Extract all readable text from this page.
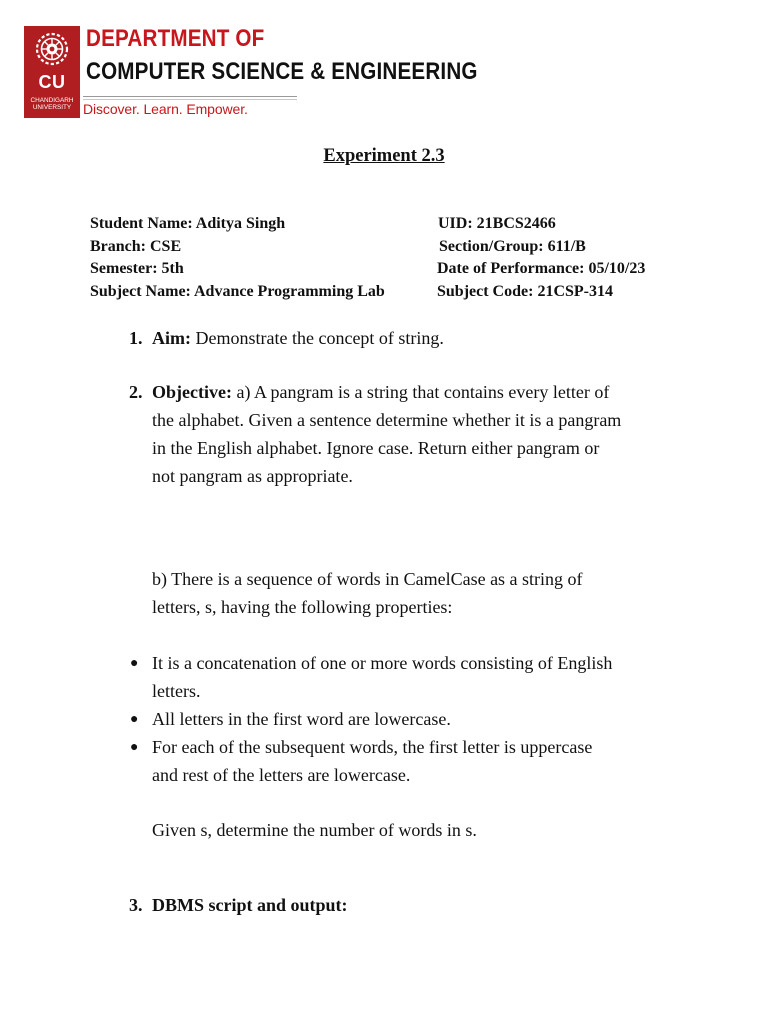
CU
CHANDIGARH
UNIVERSITY
DEPARTMENT OF
COMPUTER SCIENCE & ENGINEERING
Discover. Learn. Empower.
Experiment 2.3
Student Name: Aditya Singh	UID: 21BCS2466
Branch: CSE	Section/Group: 611/B
Semester: 5th	Date of Performance: 05/10/23
Subject Name: Advance Programming Lab	Subject Code: 21CSP-314
1. Aim: Demonstrate the concept of string.
2. Objective: a) A pangram is a string that contains every letter of
the alphabet. Given a sentence determine whether it is a pangram
in the English alphabet. Ignore case. Return either pangram or
not pangram as appropriate.
b) There is a sequence of words in CamelCase as a string of
letters, s, having the following properties:
● It is a concatenation of one or more words consisting of English
letters.
● All letters in the first word are lowercase.
● For each of the subsequent words, the first letter is uppercase
and rest of the letters are lowercase.
Given s, determine the number of words in s.
3. DBMS script and output:
